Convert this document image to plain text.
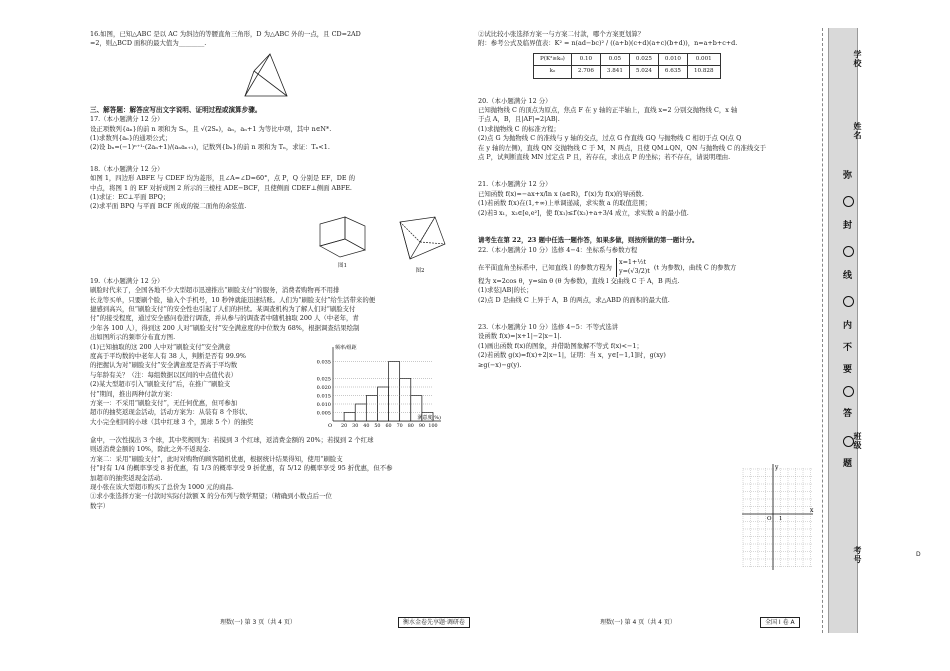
16.如图，已知△ABC 是以 AC 为斜边的等腰直角三角形，D 为△ABC 外的一点，且 CD=2AD

=2，则△BCD 面积的最大值为________.

三、解答题：解答应写出文字说明、证明过程或演算步骤。

17.（本小题满分 12 分）

设正项数列{aₙ}的前 n 项和为 Sₙ，且 √(2Sₙ)，aₙ，aₙ+1 为等比中项，其中 n∈N*.

(1)求数列{aₙ}的通项公式；

(2)设 bₙ=(−1)ⁿ⁺¹·(2aₙ+1)/(aₙaₙ₊₁)，记数列{bₙ}的前 n 项和为 Tₙ，求证：Tₙ<1.

18.（本小题满分 12 分）

如图 1，四边形 ABFE 与 CDEF 均为菱形，且∠A=∠D=60°，点 P，Q 分别是 EF，DE 的

中点，将图 1 的 EF 对折成图 2 所示的三棱柱 ADE−BCF，且使侧面 CDEF⊥侧面 ABFE.

(1)求证：EC⊥平面 BPQ；

(2)求平面 BPQ 与平面 BCF 所成的锐二面角的余弦值.

图1
图2

19.（本小题满分 12 分）

刷脸时代来了，全国各地不少大型超市迅速推出“刷脸支付”的服务，消费者购物再不用排

长龙等买单，只要刷个脸，输入个手机号，10 秒钟就能迅速结账。人们为“刷脸支付”给生活带来的便

捷感到高兴，但“刷脸支付”的安全性也引起了人们的担忧。某调查机构为了解人们对“刷脸支付

付”的接受程度，通过安全感问卷进行调查，并从参与的调查者中随机抽取 200 人（中老年，青

少年各 100 人），得到这 200 人对“刷脸支付”安全满意度的中位数为 68%，根据调查结果绘制

出如图所示的频率分布直方图.

(1)已知抽取的这 200 人中对“刷脸支付”安全满意

度高于平均数的中老年人有 38 人，判断是否有 99.9%

的把握认为对“刷脸支付”安全满意度是否高于平均数

与年龄有关？（注：每组数据以区间的中点值代表）

(2)某大型超市引入“刷脸支付”后，在推广“刷脸支

付”期间，推出两种付款方案：

方案一：不采用“刷脸支付”，无任何优惠，但可参加

超市的抽奖返现金活动，活动方案为：从装有 8 个形状、

大小完全相同的小球（其中红球 3 个，黑球 5 个）的抽奖

0.035
0.025
0.020
0.015
0.010
0.005
20 30 40 50 60 70 80 90 100
频率/组距
满意度(%)
O

盒中，一次性摸出 3 个球，其中奖规则为：若摸到 3 个红球，返消费金额的 20%；若摸到 2 个红球

则返消费金额的 10%，除此之外不返现金.

方案二：采用“刷脸支付”，此时对购物的顾客随机优惠，根据统计结果得知，使用“刷脸支

付”时有 1/4 的概率享受 8 折优惠，有 1/3 的概率享受 9 折优惠，有 5/12 的概率享受 95 折优惠，但不参

加超市的抽奖返现金活动.

现小张在该大型超市购买了总价为 1000 元的商品.

①求小张选择方案一付款时实际付款额 X 的分布列与数学期望；（精确到小数点后一位

数字）

②试比较小张选择方案一与方案二付款，哪个方案更划算？

附：参考公式及临界值表：K² = n(ad−bc)² / ((a+b)(c+d)(a+c)(b+d))，n=a+b+c+d.

P(K²≥k₀)	0.10	0.05	0.025	0.010	0.001
k₀	2.706	3.841	5.024	6.635	10.828

20.（本小题满分 12 分）

已知抛物线 C 的顶点为原点，焦点 F 在 y 轴的正半轴上，直线 x=2 分别交抛物线 C，x 轴

于点 A，B，且|AF|=2|AB|.

(1)求抛物线 C 的标准方程；

(2)点 G 为抛物线 C 的准线与 y 轴的交点，过点 G 作直线 GQ 与抛物线 C 相切于点 Q(点 Q

在 y 轴的左侧)，直线 QN 交抛物线 C 于 M，N 两点，且使 QM⊥QN，QN 与抛物线 C 的准线交于

点 P，试判断直线 MN 过定点 P 且，若存在，求出点 P 的坐标；若不存在，请说明理由.

21.（本小题满分 12 分）

已知函数 f(x)=−ax+x/ln x (a∈R)，f′(x)为 f(x)的导函数.

(1)若函数 f(x)在(1,+∞)上单调递减，求实数 a 的取值范围；

(2)若∃ x₁，x₂∈[e,e²]，使 f(x₁)≤f′(x₂)+a+3/4 成立，求实数 a 的最小值.

请考生在第 22，23 题中任选一题作答，如果多做，则按所做的第一题计分。

22.（本小题满分 10 分）选修 4−4：坐标系与参数方程

在平面直角坐标系中，已知直线 l 的参数方程为
x=1+½t
y=(√3/2)t (t 为参数)，曲线 C 的参数方

程为 x=2cos θ，y=sin θ (θ 为参数)，直线 l 交曲线 C 于 A，B 两点.

(1)求弦|AB|的长；

(2)点 D 是曲线 C 上异于 A，B 的两点，求△ABD 的面积的最大值.

23.（本小题满分 10 分）选修 4−5：不等式选讲

设函数 f(x)=|x+1|−2|x−1|.

(1)画出函数 f(x)的图象，并借助图象解不等式 f(x)<−1；

(2)若函数 g(x)=f(x)+2|x−1|，证明：当 x，y∈[−1,1]时，g(xy)

≥g(−x)−g(y).

x
y
O 1
理数(一) 第 3 页（共 4 页）	衡水金卷先享题·调研卷	理数(一) 第 4 页（共 4 页）	全国 I 卷 A
学校
姓名
班级
考号
弥
封
线
内
不
要
答
题
D
